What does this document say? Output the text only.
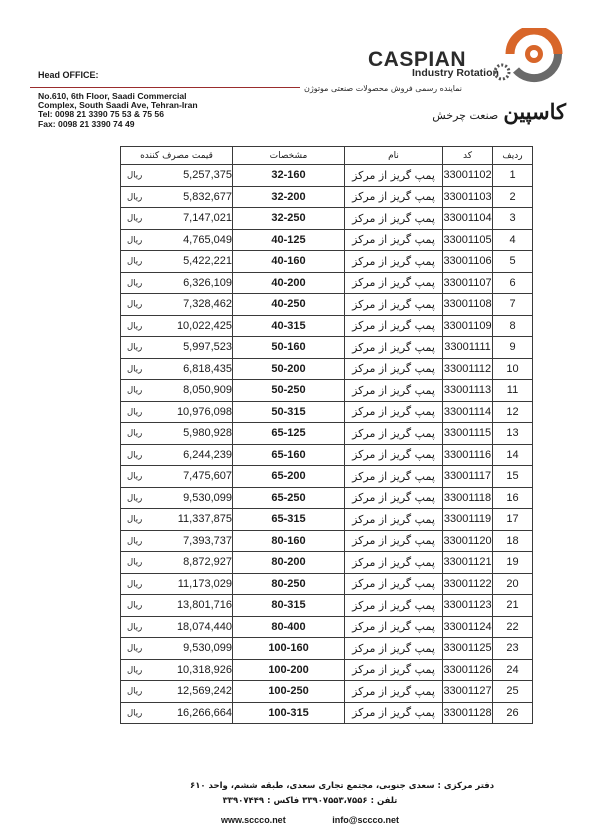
Head OFFICE:
No.610, 6th Floor, Saadi Commercial
Complex, South Saadi Ave, Tehran-Iran
Tel: 0098 21 3390 75 53 & 75 56
Fax: 0098 21 3390 74 49
CASPIAN
Industry Rotation
نماینده رسمی فروش محصولات صنعتی موتوژن
کاسپین صنعت چرخش
قیمت مصرف کننده	مشخصات	نام	کد	ردیف

ریال 5,257,375	32-160	پمپ گریز از مرکز	33001102	1

ریال 5,832,677	32-200	پمپ گریز از مرکز	33001103	2

ریال 7,147,021	32-250	پمپ گریز از مرکز	33001104	3

ریال 4,765,049	40-125	پمپ گریز از مرکز	33001105	4

ریال 5,422,221	40-160	پمپ گریز از مرکز	33001106	5

ریال 6,326,109	40-200	پمپ گریز از مرکز	33001107	6

ریال 7,328,462	40-250	پمپ گریز از مرکز	33001108	7

ریال 10,022,425	40-315	پمپ گریز از مرکز	33001109	8

ریال 5,997,523	50-160	پمپ گریز از مرکز	33001111	9

ریال 6,818,435	50-200	پمپ گریز از مرکز	33001112	10

ریال 8,050,909	50-250	پمپ گریز از مرکز	33001113	11

ریال 10,976,098	50-315	پمپ گریز از مرکز	33001114	12

ریال 5,980,928	65-125	پمپ گریز از مرکز	33001115	13

ریال 6,244,239	65-160	پمپ گریز از مرکز	33001116	14

ریال 7,475,607	65-200	پمپ گریز از مرکز	33001117	15

ریال 9,530,099	65-250	پمپ گریز از مرکز	33001118	16

ریال 11,337,875	65-315	پمپ گریز از مرکز	33001119	17

ریال 7,393,737	80-160	پمپ گریز از مرکز	33001120	18

ریال 8,872,927	80-200	پمپ گریز از مرکز	33001121	19

ریال 11,173,029	80-250	پمپ گریز از مرکز	33001122	20

ریال 13,801,716	80-315	پمپ گریز از مرکز	33001123	21

ریال 18,074,440	80-400	پمپ گریز از مرکز	33001124	22

ریال 9,530,099	100-160	پمپ گریز از مرکز	33001125	23

ریال 10,318,926	100-200	پمپ گریز از مرکز	33001126	24

ریال 12,569,242	100-250	پمپ گریز از مرکز	33001127	25

ریال 16,266,664	100-315	پمپ گریز از مرکز	33001128	26
دفتر مرکزی : سعدی جنوبی، مجتمع تجاری سعدی، طبقه ششم، واحد ۶۱۰
تلفن : ۳۳۹۰۷۵۵۳،۷۵۵۶ فاکس : ۳۳۹۰۷۴۴۹
www.sccco.net	info@sccco.net
